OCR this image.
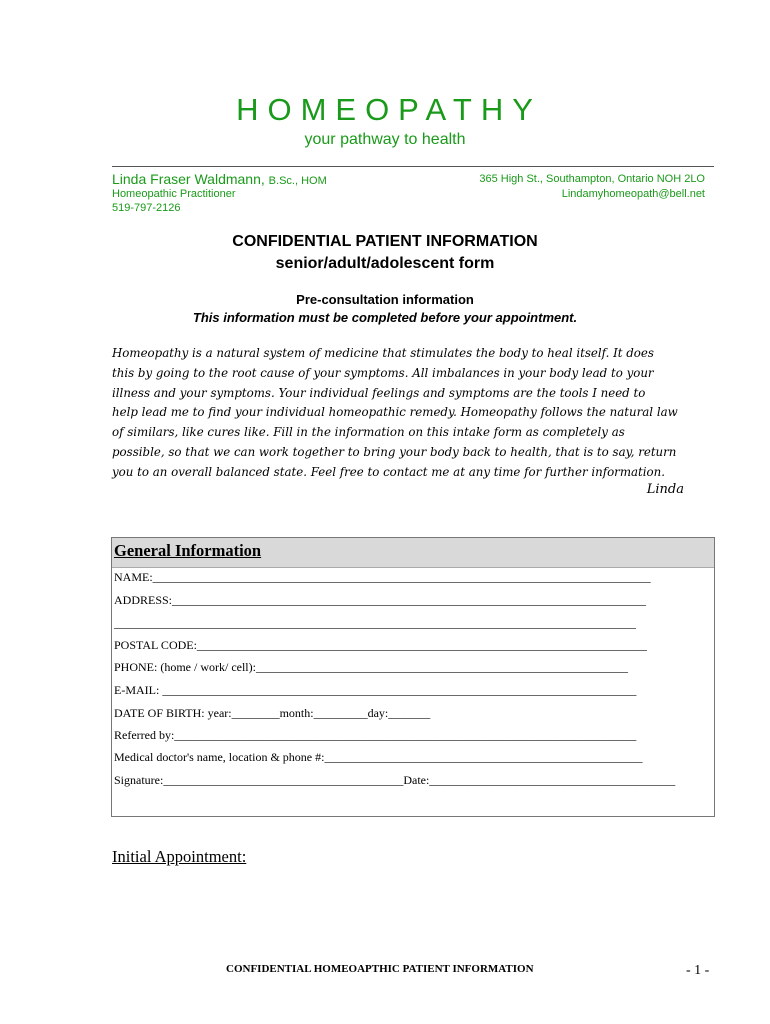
HOMEOPATHY
your pathway to health
Linda Fraser Waldmann, B.Sc., HOM
Homeopathic Practitioner
519-797-2126
365 High St., Southampton, Ontario NOH 2LO
Lindamyhomeopath@bell.net
CONFIDENTIAL PATIENT INFORMATION
senior/adult/adolescent form
Pre-consultation information
This information must be completed before your appointment.
Homeopathy is a natural system of medicine that stimulates the body to heal itself. It does
this by going to the root cause of your symptoms. All imbalances in your body lead to your
illness and your symptoms. Your individual feelings and symptoms are the tools I need to
help lead me to find your individual homeopathic remedy. Homeopathy follows the natural law
of similars, like cures like. Fill in the information on this intake form as completely as
possible, so that we can work together to bring your body back to health, that is to say, return
you to an overall balanced state. Feel free to contact me at any time for further information.
Linda
General Information
NAME:___________________________________________________________________________________
ADDRESS:_______________________________________________________________________________
_______________________________________________________________________________________
POSTAL CODE:___________________________________________________________________________
PHONE: (home / work/ cell):______________________________________________________________
E-MAIL: _______________________________________________________________________________
DATE OF BIRTH: year:________month:_________day:_______
Referred by:_____________________________________________________________________________
Medical doctor's name, location & phone #:_____________________________________________________
Signature:________________________________________Date:_________________________________________
Initial Appointment:
CONFIDENTIAL HOMEOAPTHIC PATIENT INFORMATION	- 1 -
